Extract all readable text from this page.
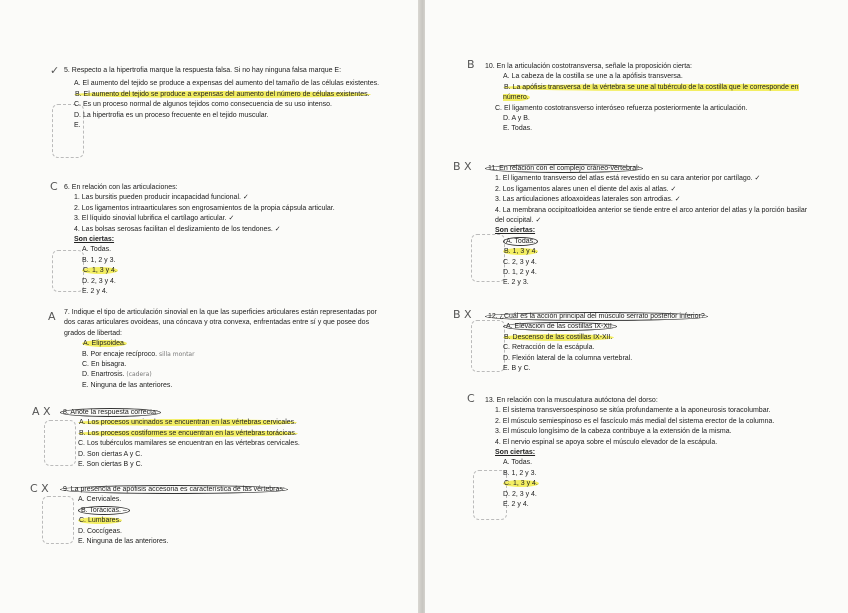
✓ 5. Respecto a la hipertrofia marque la respuesta falsa. Si no hay ninguna falsa marque E:

A. El aumento del tejido se produce a expensas del aumento del tamaño de las células existentes.

B. El aumento del tejido se produce a expensas del aumento del número de células existentes.

C. Es un proceso normal de algunos tejidos como consecuencia de su uso intenso.

D. La hipertrofia es un proceso frecuente en el tejido muscular.

E.

C 6. En relación con las articulaciones:

1. Las bursitis pueden producir incapacidad funcional. ✓

2. Los ligamentos intraarticulares son engrosamientos de la propia cápsula articular.

3. El líquido sinovial lubrifica el cartílago articular. ✓

4. Las bolsas serosas facilitan el deslizamiento de los tendones. ✓

Son ciertas:

A. Todas.

B. 1, 2 y 3.

C. 1, 3 y 4.

D. 2, 3 y 4.

E. 2 y 4.

A 7. Indique el tipo de articulación sinovial en la que las superficies articulares están representadas por dos caras articulares ovoideas, una cóncava y otra convexa, enfrentadas entre sí y que posee dos grados de libertad:

A. Elipsoidea.

B. Por encaje recíproco. silla montar

C. En bisagra.

D. Enartrosis. (cadera)

E. Ninguna de las anteriores.

A X	8. Anote la respuesta correcta:

A. Los procesos uncinados se encuentran en las vértebras cervicales.

B. Los procesos costiformes se encuentran en las vértebras torácicas.

C. Los tubérculos mamilares se encuentran en las vértebras cervicales.

D. Son ciertas A y C.

E. Son ciertas B y C.

C X	9. La presencia de apófisis accesoria es característica de las vértebras:

A. Cervicales.

B. Torácicas. –

C. Lumbares.

D. Coccígeas.

E. Ninguna de las anteriores.

B 10. En la articulación costotransversa, señale la proposición cierta:

A. La cabeza de la costilla se une a la apófisis transversa.

B. La apófisis transversa de la vértebra se une al tubérculo de la costilla que le corresponde en número.

C. El ligamento costotransverso interóseo refuerza posteriormente la articulación.

D. A y B.

E. Todas.

B X	11. En relación con el complejo cráneo-vertebral:

1. El ligamento transverso del atlas está revestido en su cara anterior por cartílago. ✓

2. Los ligamentos alares unen el diente del axis al atlas. ✓

3. Las articulaciones atloaxoideas laterales son artrodias. ✓

4. La membrana occipitoatloidea anterior se tiende entre el arco anterior del atlas y la porción basilar del occipital. ✓

Son ciertas:

A. Todas.

B. 1, 3 y 4.

C. 2, 3 y 4.

D. 1, 2 y 4.

E. 2 y 3.

B X	12. ¿Cuál es la acción principal del músculo serrato posterior inferior?

A. Elevación de las costillas IX-XII.

B. Descenso de las costillas IX-XII.

C. Retracción de la escápula.

D. Flexión lateral de la columna vertebral.

E. B y C.

C 13. En relación con la musculatura autóctona del dorso:

1. El sistema transversoespinoso se sitúa profundamente a la aponeurosis toracolumbar.

2. El músculo semiespinoso es el fascículo más medial del sistema erector de la columna.

3. El músculo longísimo de la cabeza contribuye a la extensión de la misma.

4. El nervio espinal se apoya sobre el músculo elevador de la escápula.

Son ciertas:

A. Todas.

B. 1, 2 y 3.

C. 1, 3 y 4.

D. 2, 3 y 4.

E. 2 y 4.
